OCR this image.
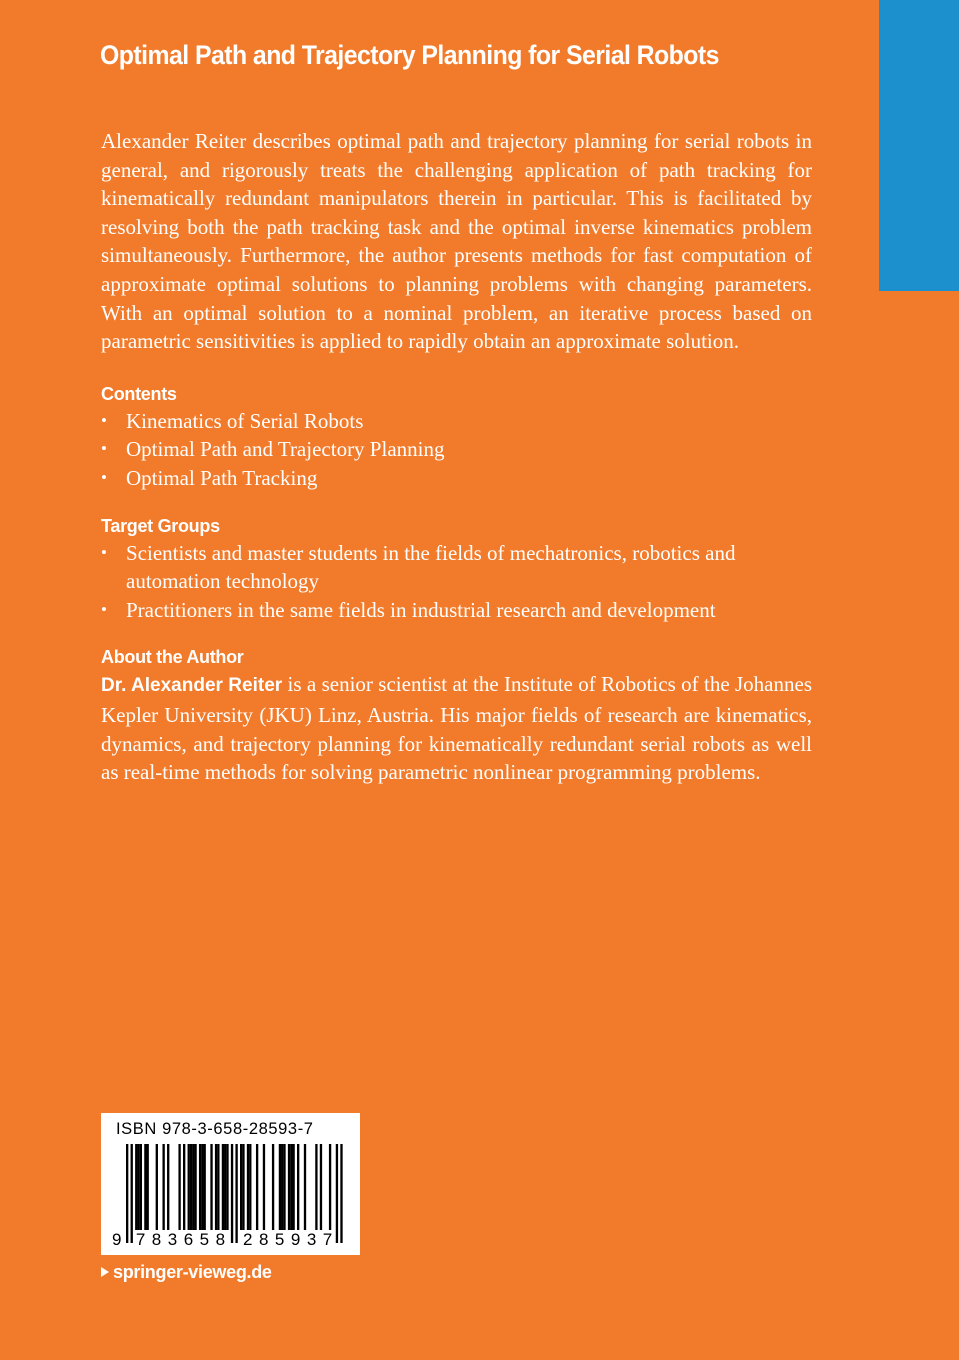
Optimal Path and Trajectory Planning for Serial Robots

Alexander Reiter describes optimal path and trajectory planning for serial robots in general, and rigorously treats the challenging application of path tracking for kinematically redundant manipulators therein in particular. This is facilitated by resolving both the path tracking task and the optimal inverse kinematics problem simultaneously. Furthermore, the author presents methods for fast computation of approximate optimal solutions to planning problems with changing parameters. With an optimal solution to a nominal problem, an iterative process based on parametric sensitivities is applied to rapidly obtain an approximate solution.

Contents

• Kinematics of Serial Robots
• Optimal Path and Trajectory Planning
• Optimal Path Tracking

Target Groups

• Scientists and master students in the fields of mechatronics, robotics and automation technology
• Practitioners in the same fields in industrial research and development

About the Author

Dr. Alexander Reiter is a senior scientist at the Institute of Robotics of the Johannes Kepler University (JKU) Linz, Austria. His major fields of research are kinematics, dynamics, and trajectory planning for kinematically redundant serial robots as well as real-time methods for solving parametric nonlinear programming problems.

ISBN 978-3-658-28593-7
9 7 8 3 6 5 8 2 8 5 9 3 7
springer-vieweg.de
